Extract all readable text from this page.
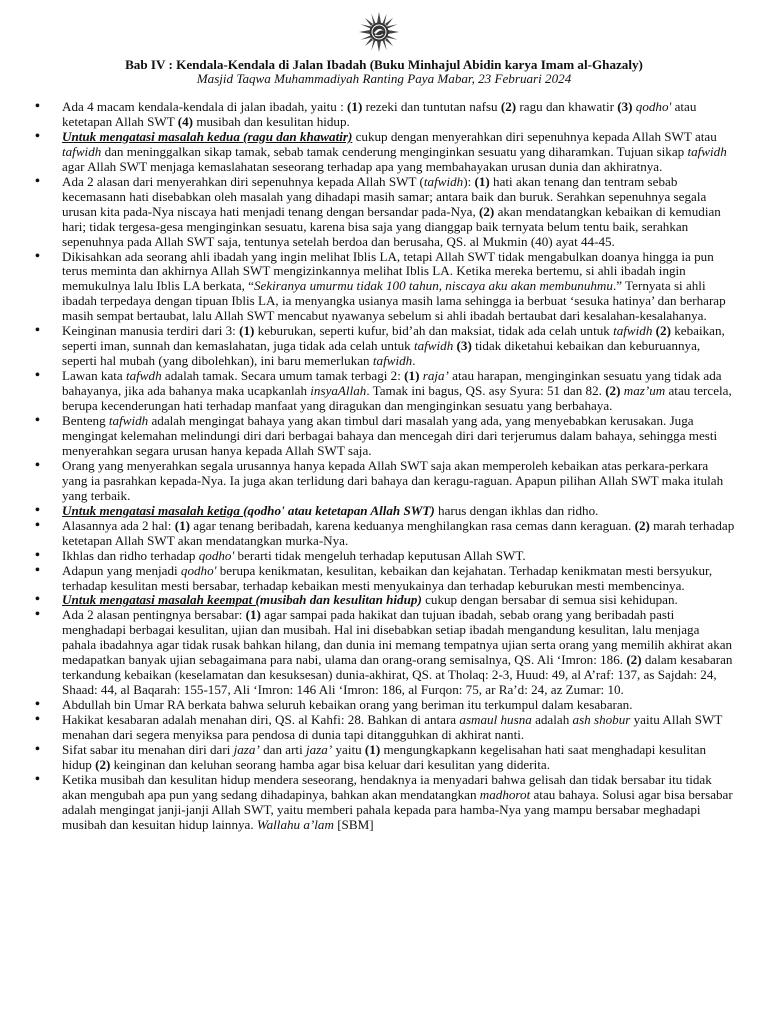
Bab IV : Kendala-Kendala di Jalan Ibadah (Buku Minhajul Abidin karya Imam al-Ghazaly)
Masjid Taqwa Muhammadiyah Ranting Paya Mabar, 23 Februari 2024
• Ada 4 macam kendala-kendala di jalan ibadah, yaitu : (1) rezeki dan tuntutan nafsu (2) ragu dan khawatir (3) qodho' atau ketetapan Allah SWT (4) musibah dan kesulitan hidup.
• Untuk mengatasi masalah kedua (ragu dan khawatir) cukup dengan menyerahkan diri sepenuhnya kepada Allah SWT atau tafwidh dan meninggalkan sikap tamak, sebab tamak cenderung menginginkan sesuatu yang diharamkan. Tujuan sikap tafwidh agar Allah SWT menjaga kemaslahatan seseorang terhadap apa yang membahayakan urusan dunia dan akhiratnya.
• Ada 2 alasan dari menyerahkan diri sepenuhnya kepada Allah SWT (tafwidh): (1) hati akan tenang dan tentram sebab kecemasann hati disebabkan oleh masalah yang dihadapi masih samar; antara baik dan buruk. Serahkan sepenuhnya segala urusan kita pada-Nya niscaya hati menjadi tenang dengan bersandar pada-Nya, (2) akan mendatangkan kebaikan di kemudian hari; tidak tergesa-gesa menginginkan sesuatu, karena bisa saja yang dianggap baik ternyata belum tentu baik, serahkan sepenuhnya pada Allah SWT saja, tentunya setelah berdoa dan berusaha, QS. al Mukmin (40) ayat 44-45.
• Dikisahkan ada seorang ahli ibadah yang ingin melihat Iblis LA, tetapi Allah SWT tidak mengabulkan doanya hingga ia pun terus meminta dan akhirnya Allah SWT mengizinkannya melihat Iblis LA. Ketika mereka bertemu, si ahli ibadah ingin memukulnya lalu Iblis LA berkata, “Sekiranya umurmu tidak 100 tahun, niscaya aku akan membunuhmu.” Ternyata si ahli ibadah terpedaya dengan tipuan Iblis LA, ia menyangka usianya masih lama sehingga ia berbuat ‘sesuka hatinya’ dan berharap masih sempat bertaubat, lalu Allah SWT mencabut nyawanya sebelum si ahli ibadah bertaubat dari kesalahan-kesalahanya.
• Keinginan manusia terdiri dari 3: (1) keburukan, seperti kufur, bid’ah dan maksiat, tidak ada celah untuk tafwidh (2) kebaikan, seperti iman, sunnah dan kemaslahatan, juga tidak ada celah untuk tafwidh (3) tidak diketahui kebaikan dan keburuannya, seperti hal mubah (yang dibolehkan), ini baru memerlukan tafwidh.
• Lawan kata tafwdh adalah tamak. Secara umum tamak terbagi 2: (1) raja’ atau harapan, menginginkan sesuatu yang tidak ada bahayanya, jika ada bahanya maka ucapkanlah insyaAllah. Tamak ini bagus, QS. asy Syura: 51 dan 82. (2) maz’um atau tercela, berupa kecenderungan hati terhadap manfaat yang diragukan dan menginginkan sesuatu yang berbahaya.
• Benteng tafwidh adalah mengingat bahaya yang akan timbul dari masalah yang ada, yang menyebabkan kerusakan. Juga mengingat kelemahan melindungi diri dari berbagai bahaya dan mencegah diri dari terjerumus dalam bahaya, sehingga mesti menyerahkan segara urusan hanya kepada Allah SWT saja.
• Orang yang menyerahkan segala urusannya hanya kepada Allah SWT saja akan memperoleh kebaikan atas perkara-perkara yang ia pasrahkan kepada-Nya. Ia juga akan terlidung dari bahaya dan keragu-raguan. Apapun pilihan Allah SWT maka itulah yang terbaik.
• Untuk mengatasi masalah ketiga (qodho' atau ketetapan Allah SWT) harus dengan ikhlas dan ridho.
• Alasannya ada 2 hal: (1) agar tenang beribadah, karena keduanya menghilangkan rasa cemas dann keraguan. (2) marah terhadap ketetapan Allah SWT akan mendatangkan murka-Nya.
• Ikhlas dan ridho terhadap qodho' berarti tidak mengeluh terhadap keputusan Allah SWT.
• Adapun yang menjadi qodho' berupa kenikmatan, kesulitan, kebaikan dan kejahatan. Terhadap kenikmatan mesti bersyukur, terhadap kesulitan mesti bersabar, terhadap kebaikan mesti menyukainya dan terhadap keburukan mesti membencinya.
• Untuk mengatasi masalah keempat (musibah dan kesulitan hidup) cukup dengan bersabar di semua sisi kehidupan.
• Ada 2 alasan pentingnya bersabar: (1) agar sampai pada hakikat dan tujuan ibadah, sebab orang yang beribadah pasti menghadapi berbagai kesulitan, ujian dan musibah. Hal ini disebabkan setiap ibadah mengandung kesulitan, lalu menjaga pahala ibadahnya agar tidak rusak bahkan hilang, dan dunia ini memang tempatnya ujian serta orang yang memilih akhirat akan medapatkan banyak ujian sebagaimana para nabi, ulama dan orang-orang semisalnya, QS. Ali ‘Imron: 186. (2) dalam kesabaran terkandung kebaikan (keselamatan dan kesuksesan) dunia-akhirat, QS. at Tholaq: 2-3, Huud: 49, al A’raf: 137, as Sajdah: 24, Shaad: 44, al Baqarah: 155-157, Ali ‘Imron: 146 Ali ‘Imron: 186, al Furqon: 75, ar Ra’d: 24, az Zumar: 10.
• Abdullah bin Umar RA berkata bahwa seluruh kebaikan orang yang beriman itu terkumpul dalam kesabaran.
• Hakikat kesabaran adalah menahan diri, QS. al Kahfi: 28. Bahkan di antara asmaul husna adalah ash shobur yaitu Allah SWT menahan dari segera menyiksa para pendosa di dunia tapi ditangguhkan di akhirat nanti.
• Sifat sabar itu menahan diri dari jaza’ dan arti jaza’ yaitu (1) mengungkapkann kegelisahan hati saat menghadapi kesulitan hidup (2) keinginan dan keluhan seorang hamba agar bisa keluar dari kesulitan yang diderita.
• Ketika musibah dan kesulitan hidup mendera seseorang, hendaknya ia menyadari bahwa gelisah dan tidak bersabar itu tidak akan mengubah apa pun yang sedang dihadapinya, bahkan akan mendatangkan madhorot atau bahaya. Solusi agar bisa bersabar adalah mengingat janji-janji Allah SWT, yaitu memberi pahala kepada para hamba-Nya yang mampu bersabar meghadapi musibah dan kesuitan hidup lainnya. Wallahu a’lam [SBM]
